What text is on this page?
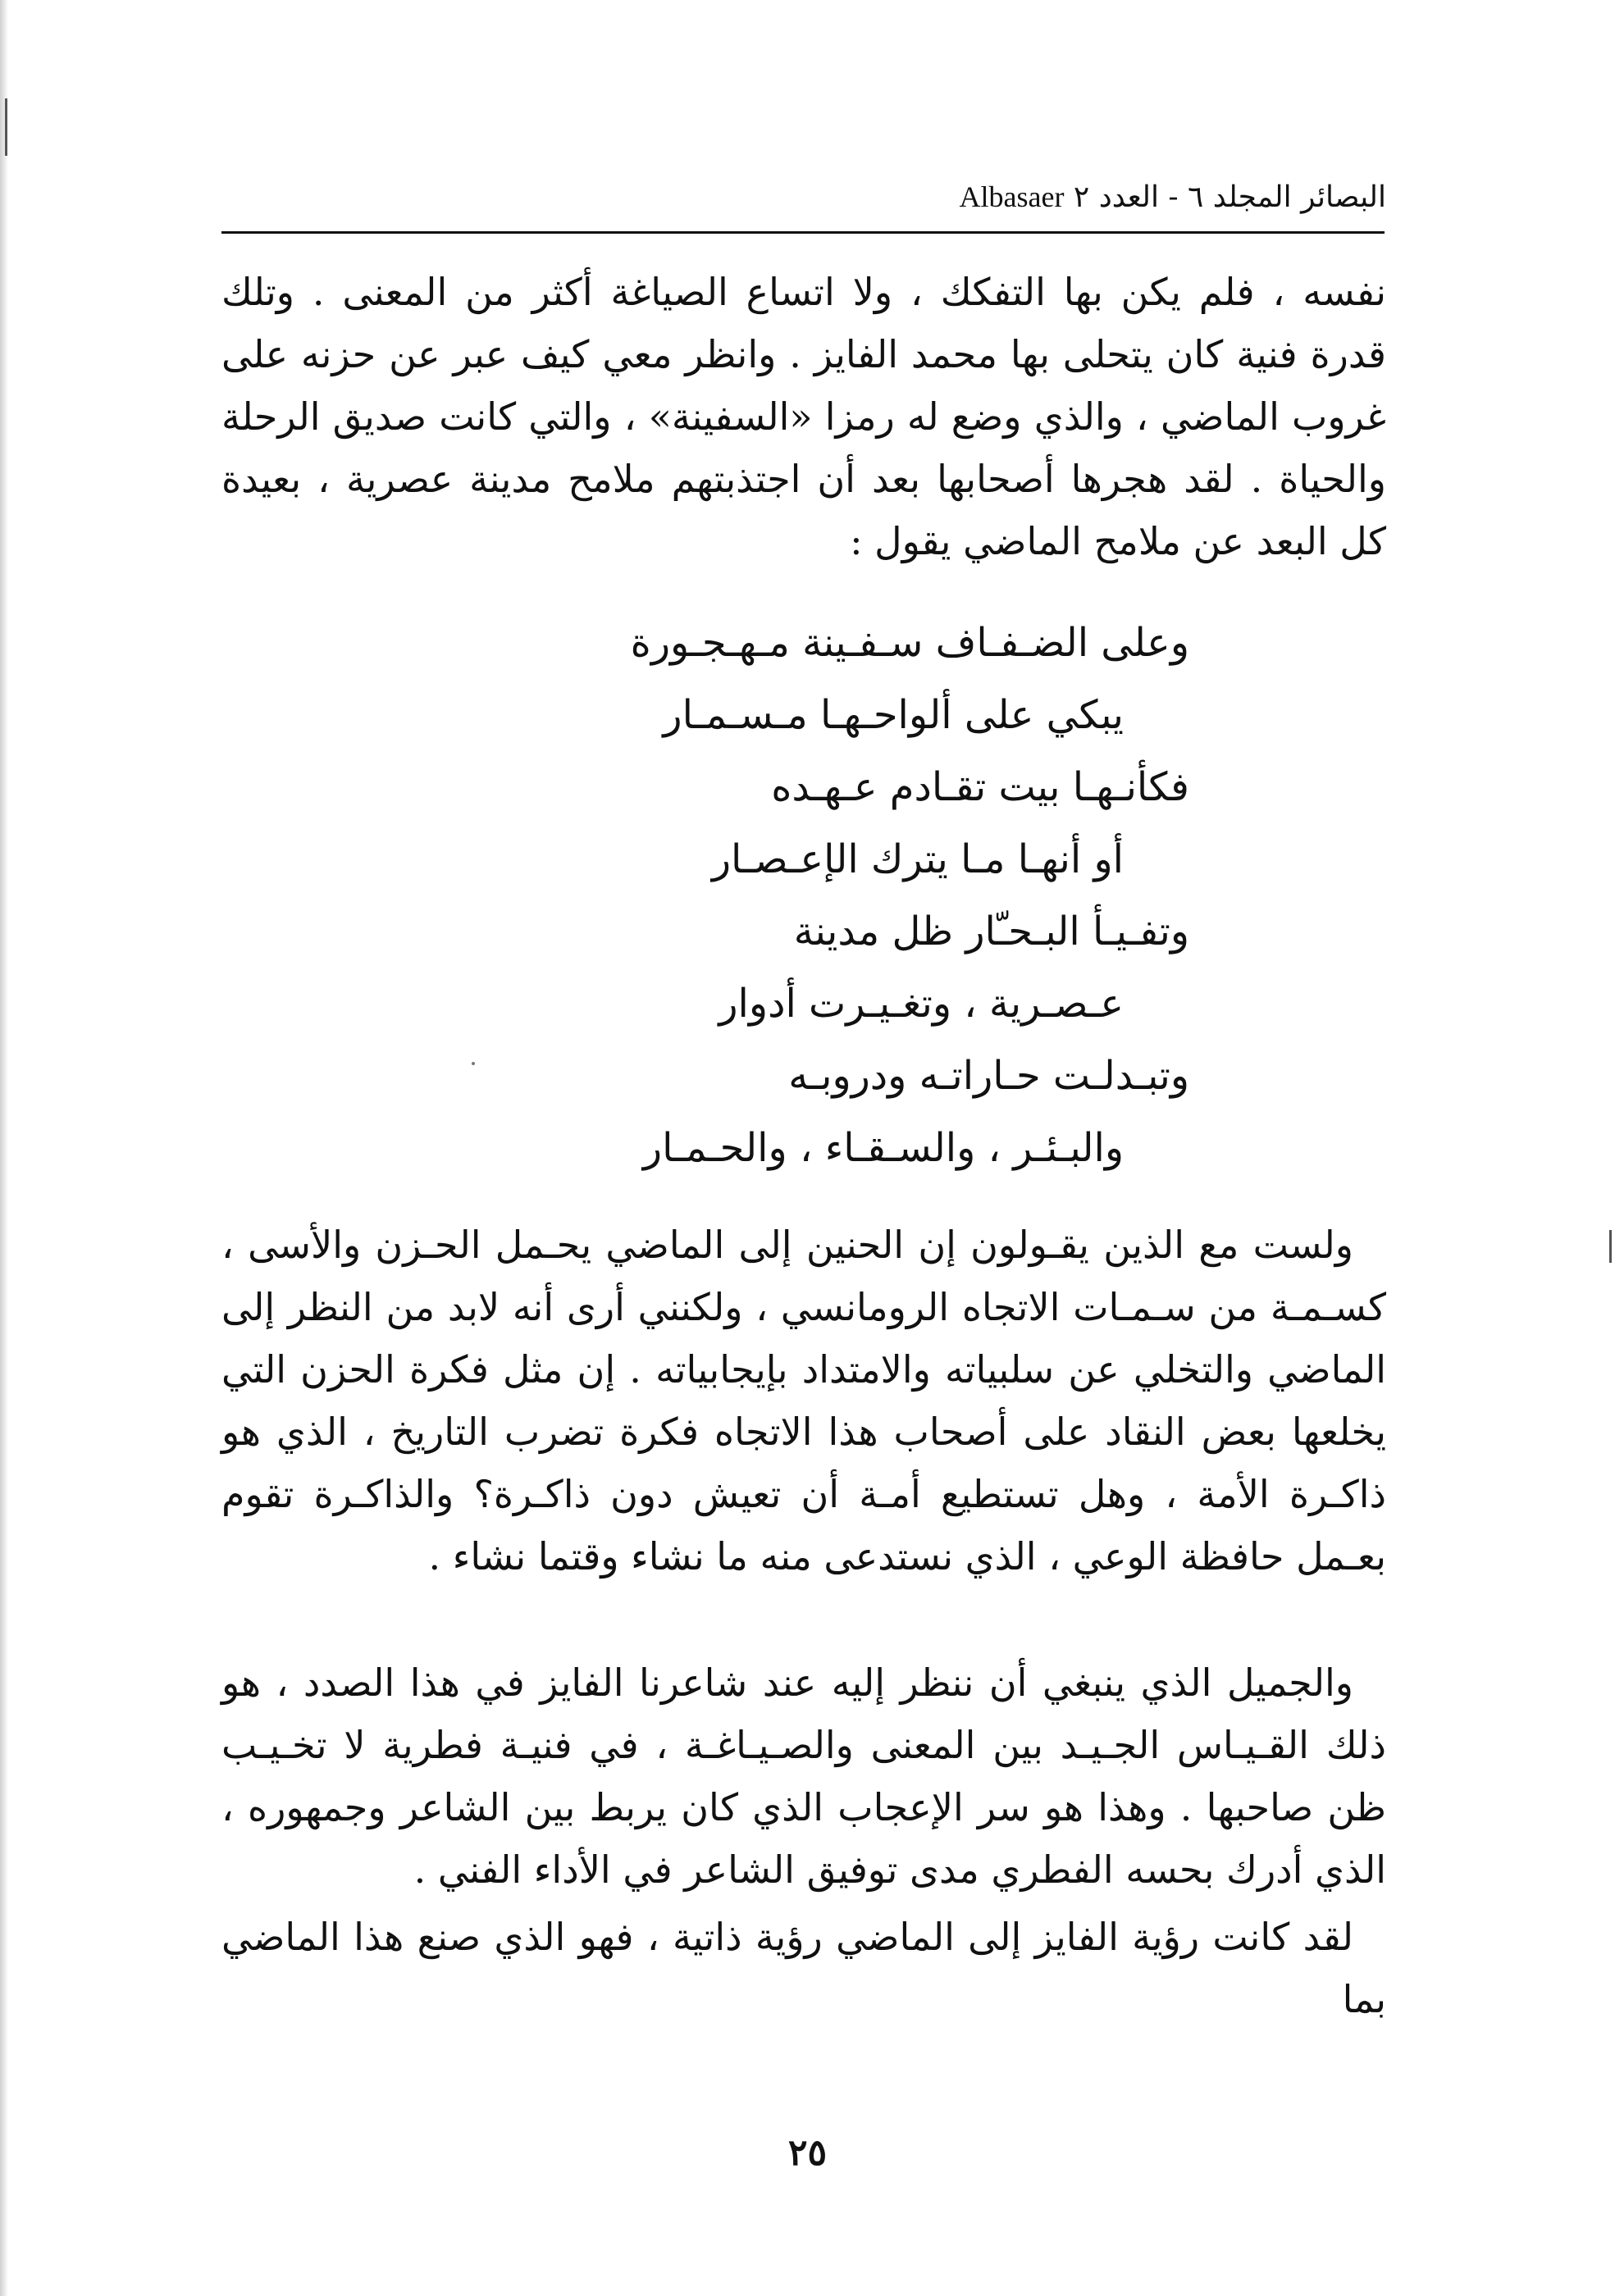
البصائر المجلد ٦ - العدد ٢ Albasaer

نفسه ، فلم يكن بها التفكك ، ولا اتساع الصياغة أكثر من المعنى . وتلك قدرة فنية كان يتحلى بها محمد الفايز . وانظر معي كيف عبر عن حزنه على غروب الماضي ، والذي وضع له رمزا «السفينة» ، والتي كانت صديق الرحلة والحياة . لقد هجرها أصحابها بعد أن اجتذبتهم ملامح مدينة عصرية ، بعيدة كل البعد عن ملامح الماضي يقول :

وعلى الضـفـاف سـفـينة مـهـجـورة
يبكي على ألواحـهـا مـسـمـار
فكأنـهـا بيت تقـادم عـهـده
أو أنهـا مـا يترك الإعـصـار
وتفـيـأ البـحـّار ظل مدينة
عـصـرية ، وتغـيـرت أدوار
وتبـدلـت حـاراتـه ودروبـه
والبـئـر ، والسـقـاء ، والحـمـار

ولست مع الذين يقـولون إن الحنين إلى الماضي يحـمل الحـزن والأسى ، كسـمـة من سـمـات الاتجاه الرومانسي ، ولكنني أرى أنه لابد من النظر إلى الماضي والتخلي عن سلبياته والامتداد بإيجابياته . إن مثل فكرة الحزن التي يخلعها بعض النقاد على أصحاب هذا الاتجاه فكرة تضرب التاريخ ، الذي هو ذاكـرة الأمة ، وهل تستطيع أمـة أن تعيش دون ذاكـرة؟ والذاكـرة تقوم بعـمل حافظة الوعي ، الذي نستدعى منه ما نشاء وقتما نشاء .

والجميل الذي ينبغي أن ننظر إليه عند شاعرنا الفايز في هذا الصدد ، هو ذلك القـيـاس الجـيـد بين المعنى والصـيـاغـة ، في فنيـة فطرية لا تخـيـب ظن صاحبها . وهذا هو سر الإعجاب الذي كان يربط بين الشاعر وجمهوره ، الذي أدرك بحسه الفطري مدى توفيق الشاعر في الأداء الفني .

لقد كانت رؤية الفايز إلى الماضي رؤية ذاتية ، فهو الذي صنع هذا الماضي بما

٢٥
